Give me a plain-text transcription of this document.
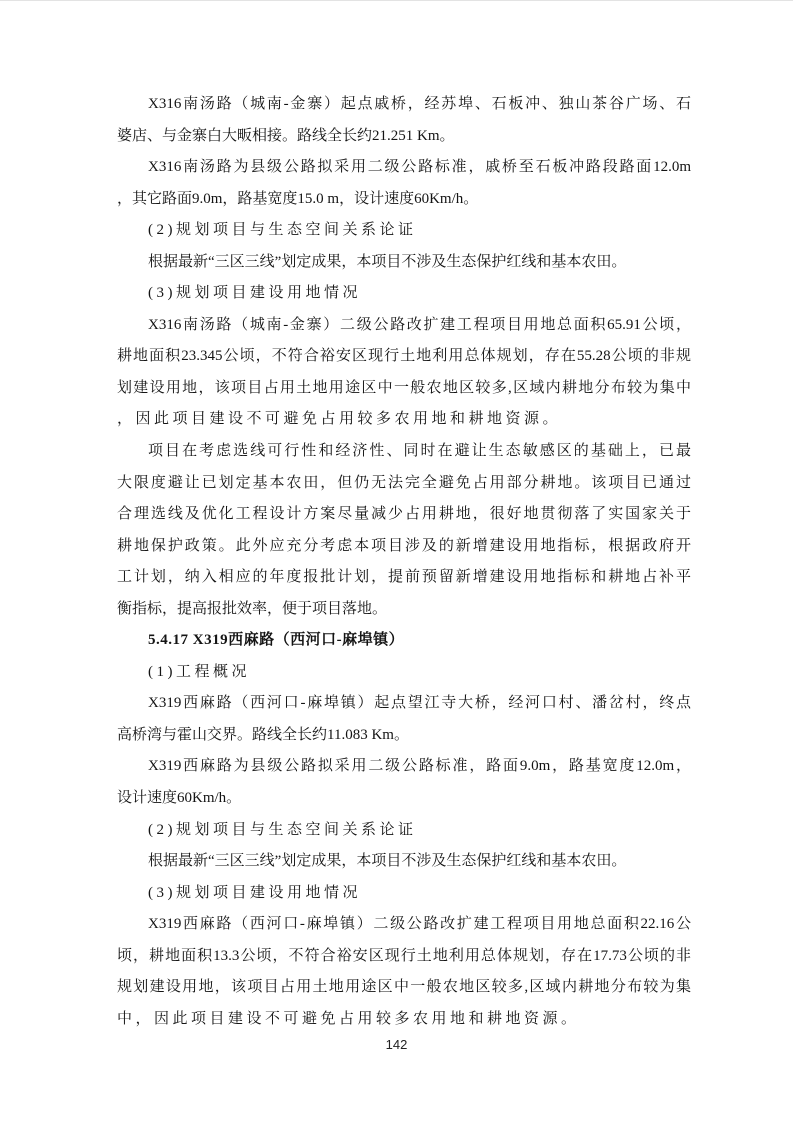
X316南汤路（城南-金寨）起点戚桥，经苏埠、石板冲、独山茶谷广场、石
婆店、与金寨白大畈相接。路线全长约21.251 Km。
X316南汤路为县级公路拟采用二级公路标准，戚桥至石板冲路段路面12.0m
，其它路面9.0m，路基宽度15.0 m，设计速度60Km/h。
(2)规划项目与生态空间关系论证
根据最新“三区三线”划定成果，本项目不涉及生态保护红线和基本农田。
(3)规划项目建设用地情况
X316南汤路（城南-金寨）二级公路改扩建工程项目用地总面积65.91公顷，
耕地面积23.345公顷，不符合裕安区现行土地利用总体规划，存在55.28公顷的非规
划建设用地，该项目占用土地用途区中一般农地区较多,区域内耕地分布较为集中
，因此项目建设不可避免占用较多农用地和耕地资源。
项目在考虑选线可行性和经济性、同时在避让生态敏感区的基础上，已最
大限度避让已划定基本农田，但仍无法完全避免占用部分耕地。该项目已通过
合理选线及优化工程设计方案尽量减少占用耕地，很好地贯彻落了实国家关于
耕地保护政策。此外应充分考虑本项目涉及的新增建设用地指标，根据政府开
工计划，纳入相应的年度报批计划，提前预留新增建设用地指标和耕地占补平
衡指标，提高报批效率，便于项目落地。
5.4.17 X319西麻路（西河口-麻埠镇）
(1)工程概况
X319西麻路（西河口-麻埠镇）起点望江寺大桥，经河口村、潘岔村，终点
高桥湾与霍山交界。路线全长约11.083 Km。
X319西麻路为县级公路拟采用二级公路标准，路面9.0m，路基宽度12.0m，
设计速度60Km/h。
(2)规划项目与生态空间关系论证
根据最新“三区三线”划定成果，本项目不涉及生态保护红线和基本农田。
(3)规划项目建设用地情况
X319西麻路（西河口-麻埠镇）二级公路改扩建工程项目用地总面积22.16公
顷，耕地面积13.3公顷，不符合裕安区现行土地利用总体规划，存在17.73公顷的非
规划建设用地，该项目占用土地用途区中一般农地区较多,区域内耕地分布较为集
中，因此项目建设不可避免占用较多农用地和耕地资源。
142
